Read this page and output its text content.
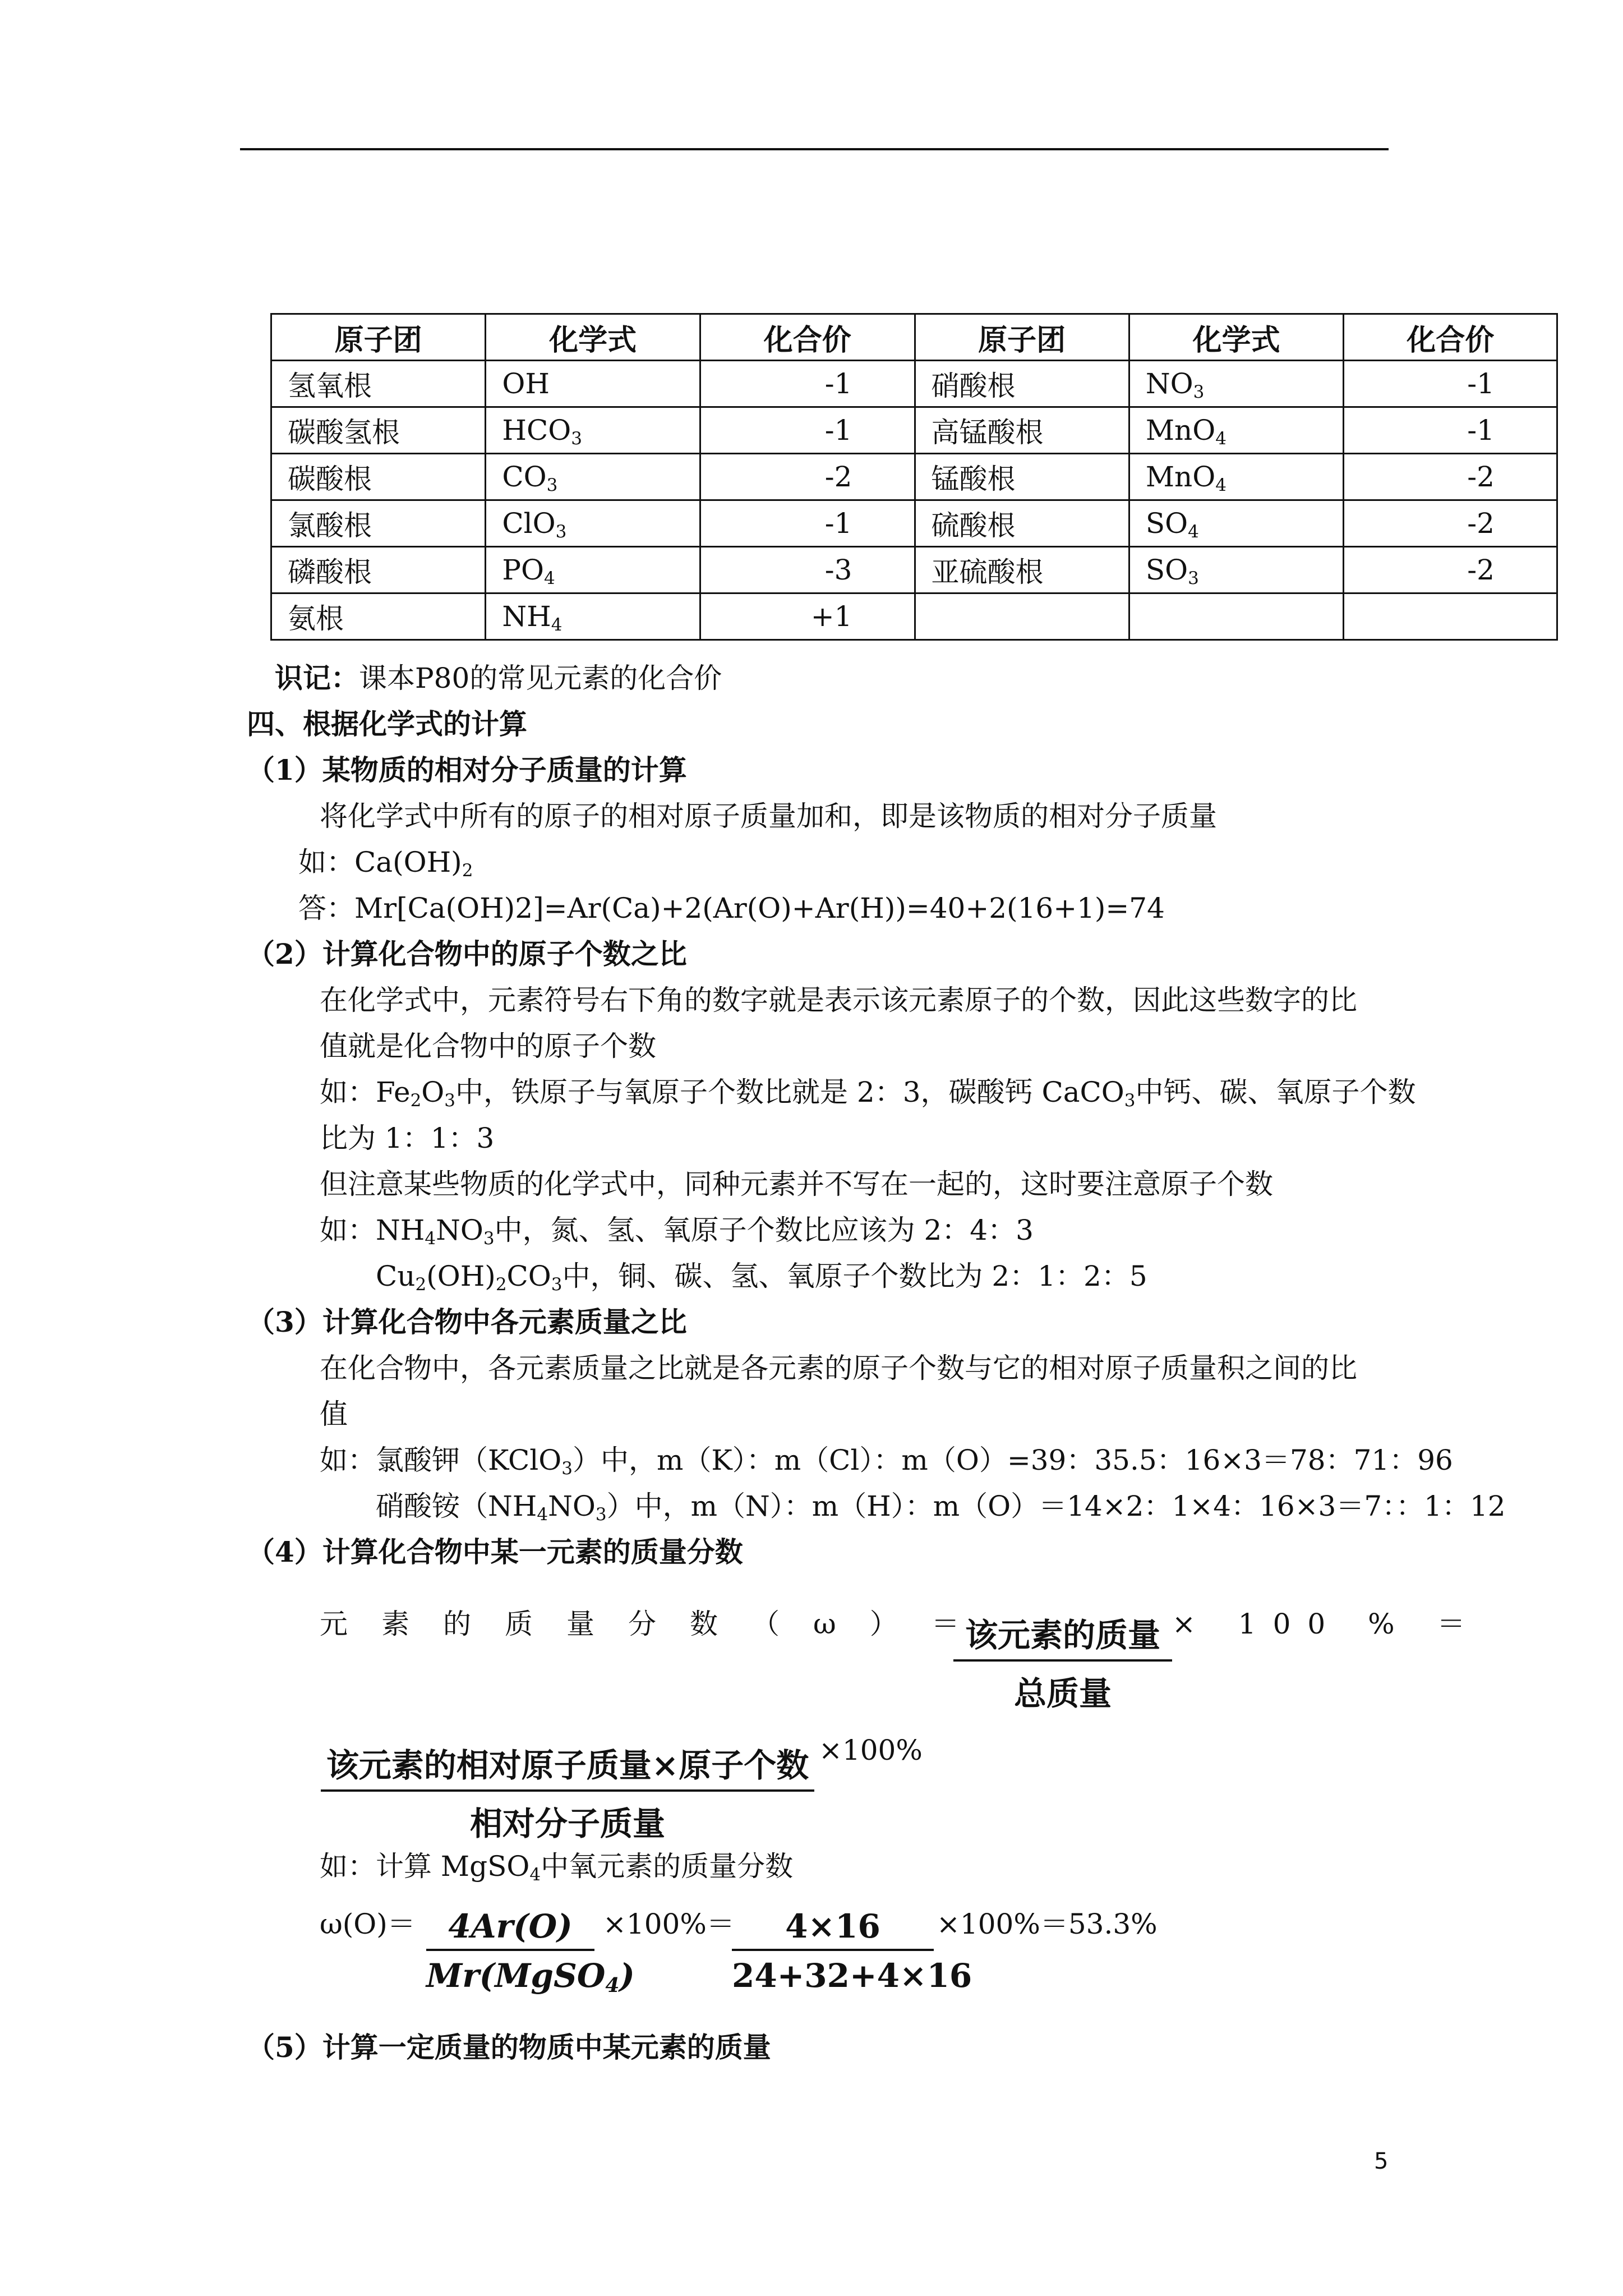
原子团	化学式	化合价	原子团	化学式	化合价
氢氧根	OH	-1	硝酸根	$NO_3$	-1
碳酸氢根	$HCO_3$	-1	高锰酸根	MnO$_4$	-1
碳酸根	$CO_3$	-2	锰酸根	MnO$_4$	-2
氯酸根	ClO$_3$	-1	硫酸根	$SO_4$	-2
磷酸根	$PO_4$	-3	亚硫酸根	$SO_3$	-2
氨根	$NH_4$	+1			
识记：课本P80的常见元素的化合价
四、根据化学式的计算
（1）某物质的相对分子质量的计算
将化学式中所有的原子的相对原子质量加和，即是该物质的相对分子质量
如：$Ca(OH)_2$
答：Mr[Ca(OH)2]=Ar(Ca)+2(Ar(O)+Ar(H))=40+2(16+1)=74
（2）计算化合物中的原子个数之比
在化学式中，元素符号右下角的数字就是表示该元素原子的个数，因此这些数字的比
值就是化合物中的原子个数
如：$Fe_2O_3$中，铁原子与氧原子个数比就是 2：3，碳酸钙 CaCO$_3$中钙、碳、氧原子个数
比为 1：1：3
但注意某些物质的化学式中，同种元素并不写在一起的，这时要注意原子个数
如：$NH_4NO_3$中，氮、氢、氧原子个数比应该为 2：4：3
$Cu_2(OH)_2CO_3$中，铜、碳、氢、氧原子个数比为 2：1：2：5
（3）计算化合物中各元素质量之比
在化合物中，各元素质量之比就是各元素的原子个数与它的相对原子质量积之间的比
值
如：氯酸钾（KClO$_3$）中，m（K）：m（Cl）：m（O）=39：35.5：16×3＝78：71：96
硝酸铵$(NH_4NO_3)$中，m（N）：m（H）：m（O）＝14×2：1×4：16×3＝7：：1：12
（4）计算化合物中某一元素的质量分数
元素的质量分数（ω）＝
该元素的质量
总质量
× 100 % ＝
该元素的相对原子质量×原子个数
相对分子质量
×100%
如：计算 MgSO$_4$中氧元素的质量分数
ω(O)＝	4Ar(O)
Mr(MgSO$_4$)
×100%＝
$\frac{4\times 16}{24+32+4\times 16} \times 100\%=53.3\%$
（5）计算一定质量的物质中某元素的质量
5
